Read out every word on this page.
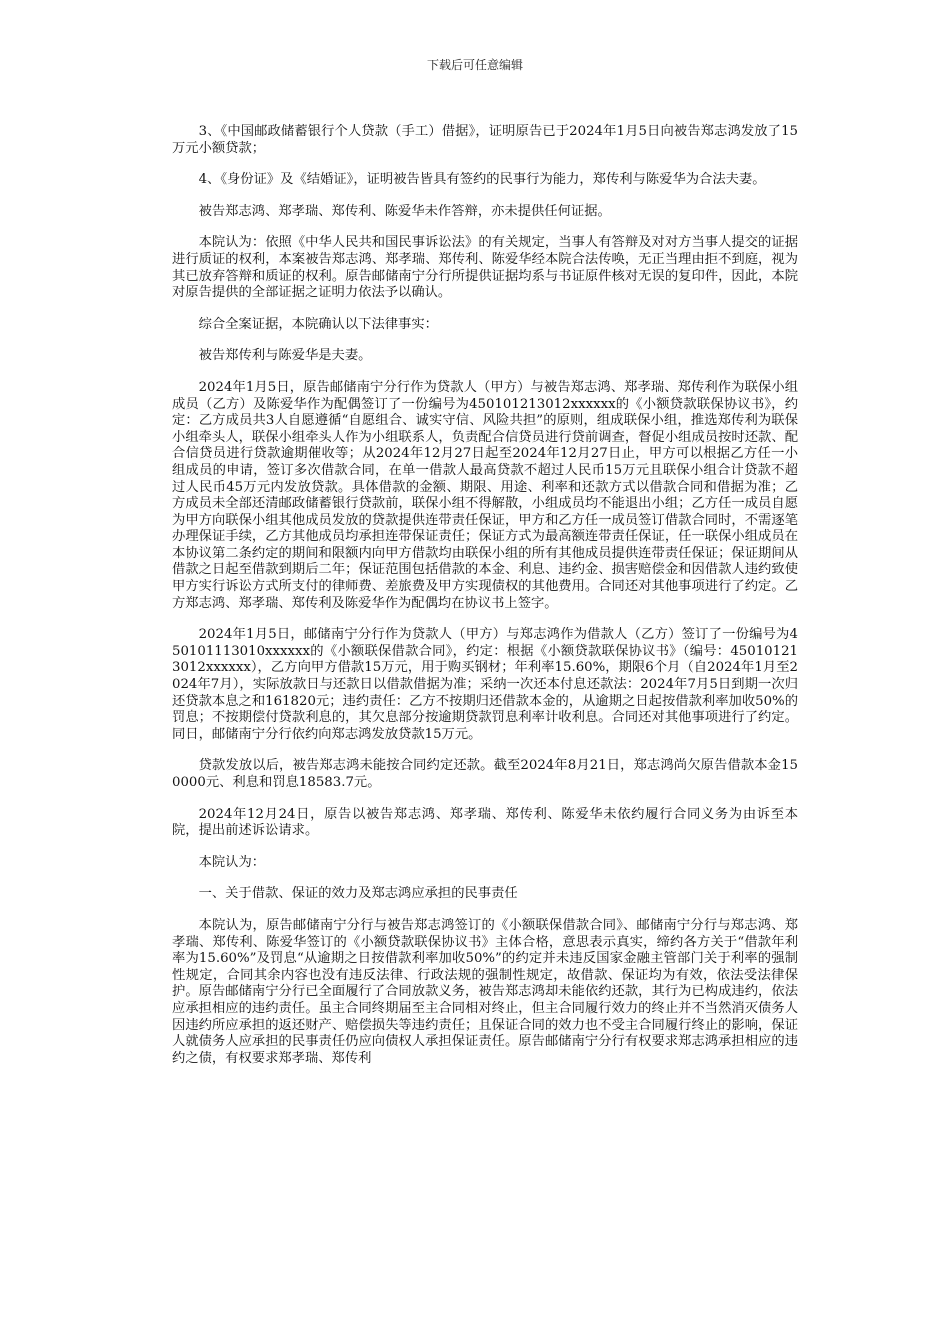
下载后可任意编辑

3、《中国邮政储蓄银行个人贷款（手工）借据》，证明原告已于2024年1月5日向被告郑志鸿发放了15万元小额贷款；

4、《身份证》及《结婚证》，证明被告皆具有签约的民事行为能力，郑传利与陈爱华为合法夫妻。

被告郑志鸿、郑孝瑞、郑传利、陈爱华未作答辩，亦未提供任何证据。

本院认为：依照《中华人民共和国民事诉讼法》的有关规定，当事人有答辩及对对方当事人提交的证据进行质证的权利，本案被告郑志鸿、郑孝瑞、郑传利、陈爱华经本院合法传唤，无正当理由拒不到庭，视为其已放弃答辩和质证的权利。原告邮储南宁分行所提供证据均系与书证原件核对无误的复印件，因此，本院对原告提供的全部证据之证明力依法予以确认。

综合全案证据，本院确认以下法律事实：

被告郑传利与陈爱华是夫妻。

2024年1月5日，原告邮储南宁分行作为贷款人（甲方）与被告郑志鸿、郑孝瑞、郑传利作为联保小组成员（乙方）及陈爱华作为配偶签订了一份编号为450101213012xxxxxx的《小额贷款联保协议书》，约定：乙方成员共3人自愿遵循“自愿组合、诚实守信、风险共担”的原则，组成联保小组，推选郑传利为联保小组牵头人，联保小组牵头人作为小组联系人，负责配合信贷员进行贷前调查，督促小组成员按时还款、配合信贷员进行贷款逾期催收等；从2024年12月27日起至2024年12月27日止，甲方可以根据乙方任一小组成员的申请，签订多次借款合同，在单一借款人最高贷款不超过人民币15万元且联保小组合计贷款不超过人民币45万元内发放贷款。具体借款的金额、期限、用途、利率和还款方式以借款合同和借据为准；乙方成员未全部还清邮政储蓄银行贷款前，联保小组不得解散，小组成员均不能退出小组；乙方任一成员自愿为甲方向联保小组其他成员发放的贷款提供连带责任保证，甲方和乙方任一成员签订借款合同时，不需逐笔办理保证手续，乙方其他成员均承担连带保证责任；保证方式为最高额连带责任保证，任一联保小组成员在本协议第二条约定的期间和限额内向甲方借款均由联保小组的所有其他成员提供连带责任保证；保证期间从借款之日起至借款到期后二年；保证范围包括借款的本金、利息、违约金、损害赔偿金和因借款人违约致使甲方实行诉讼方式所支付的律师费、差旅费及甲方实现债权的其他费用。合同还对其他事项进行了约定。乙方郑志鸿、郑孝瑞、郑传利及陈爱华作为配偶均在协议书上签字。

2024年1月5日，邮储南宁分行作为贷款人（甲方）与郑志鸿作为借款人（乙方）签订了一份编号为450101113010xxxxxx的《小额联保借款合同》，约定：根据《小额贷款联保协议书》（编号：450101213012xxxxxx），乙方向甲方借款15万元，用于购买钢材；年利率15.60%，期限6个月（自2024年1月至2024年7月），实际放款日与还款日以借款借据为准；采纳一次还本付息还款法：2024年7月5日到期一次归还贷款本息之和161820元；违约责任：乙方不按期归还借款本金的，从逾期之日起按借款利率加收50%的罚息；不按期偿付贷款利息的，其欠息部分按逾期贷款罚息利率计收利息。合同还对其他事项进行了约定。同日，邮储南宁分行依约向郑志鸿发放贷款15万元。

贷款发放以后，被告郑志鸿未能按合同约定还款。截至2024年8月21日，郑志鸿尚欠原告借款本金150000元、利息和罚息18583.7元。

2024年12月24日，原告以被告郑志鸿、郑孝瑞、郑传利、陈爱华未依约履行合同义务为由诉至本院，提出前述诉讼请求。

本院认为：

一、关于借款、保证的效力及郑志鸿应承担的民事责任

本院认为，原告邮储南宁分行与被告郑志鸿签订的《小额联保借款合同》、邮储南宁分行与郑志鸿、郑孝瑞、郑传利、陈爱华签订的《小额贷款联保协议书》主体合格，意思表示真实，缔约各方关于“借款年利率为15.60%”及罚息“从逾期之日按借款利率加收50%”的约定并未违反国家金融主管部门关于利率的强制性规定，合同其余内容也没有违反法律、行政法规的强制性规定，故借款、保证均为有效，依法受法律保护。原告邮储南宁分行已全面履行了合同放款义务，被告郑志鸿却未能依约还款，其行为已构成违约，依法应承担相应的违约责任。虽主合同终期届至主合同相对终止，但主合同履行效力的终止并不当然消灭债务人因违约所应承担的返还财产、赔偿损失等违约责任；且保证合同的效力也不受主合同履行终止的影响，保证人就债务人应承担的民事责任仍应向债权人承担保证责任。原告邮储南宁分行有权要求郑志鸿承担相应的违约之债，有权要求郑孝瑞、郑传利
